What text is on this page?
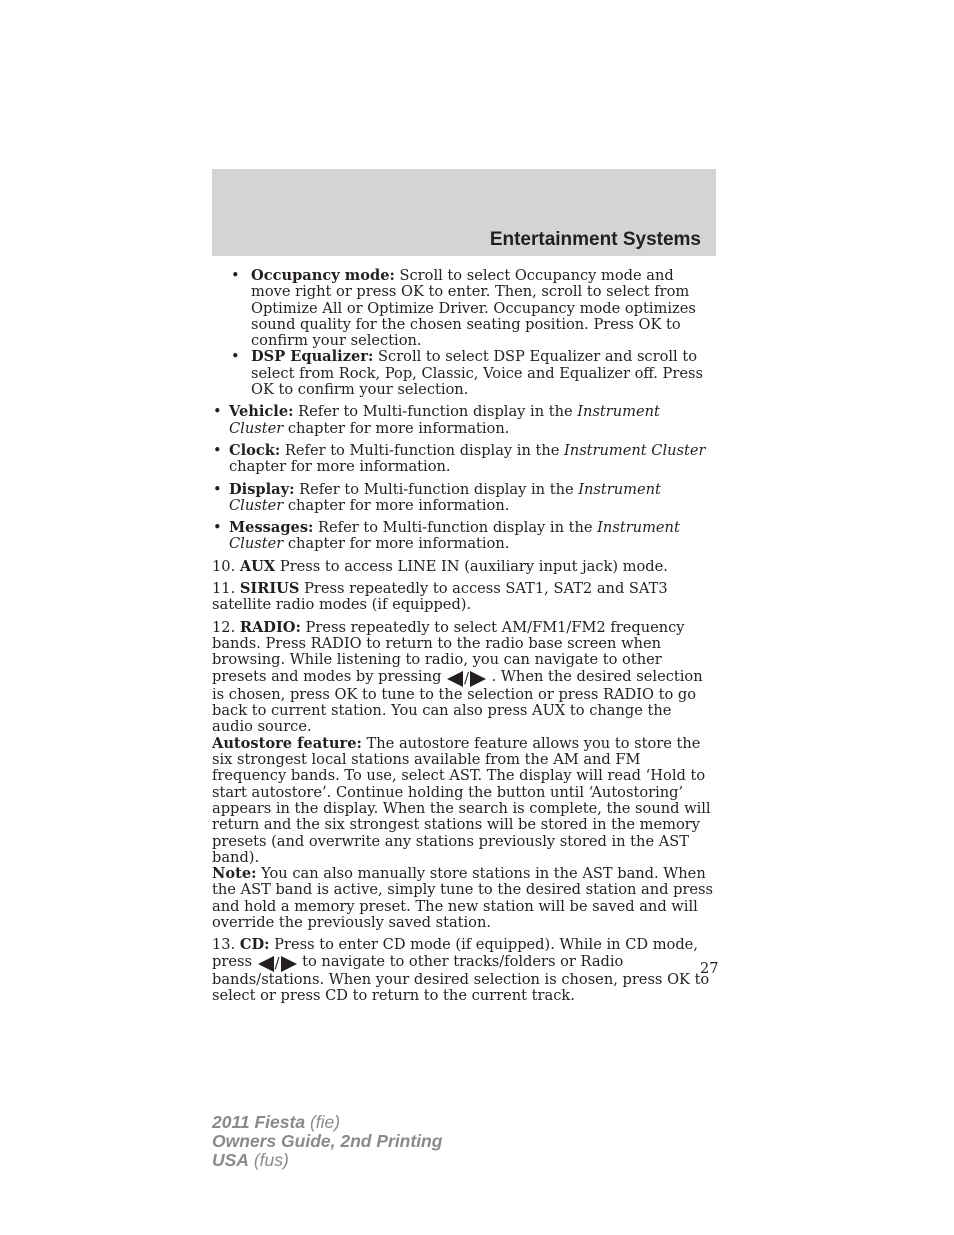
Entertainment Systems
• Occupancy mode: Scroll to select Occupancy mode and move right or press OK to enter. Then, scroll to select from Optimize All or Optimize Driver. Occupancy mode optimizes sound quality for the chosen seating position. Press OK to confirm your selection.
• DSP Equalizer: Scroll to select DSP Equalizer and scroll to select from Rock, Pop, Classic, Voice and Equalizer off. Press OK to confirm your selection.
• Vehicle: Refer to Multi-function display in the Instrument Cluster chapter for more information.
• Clock: Refer to Multi-function display in the Instrument Cluster chapter for more information.
• Display: Refer to Multi-function display in the Instrument Cluster chapter for more information.
• Messages: Refer to Multi-function display in the Instrument Cluster chapter for more information.
10. AUX Press to access LINE IN (auxiliary input jack) mode.
11. SIRIUS Press repeatedly to access SAT1, SAT2 and SAT3 satellite radio modes (if equipped).
12. RADIO: Press repeatedly to select AM/FM1/FM2 frequency bands. Press RADIO to return to the radio base screen when browsing. While listening to radio, you can navigate to other presets and modes by pressing / . When the desired selection is chosen, press OK to tune to the selection or press RADIO to go back to current station. You can also press AUX to change the audio source.
Autostore feature: The autostore feature allows you to store the six strongest local stations available from the AM and FM frequency bands. To use, select AST. The display will read ‘Hold to start autostore’. Continue holding the button until ‘Autostoring’ appears in the display. When the search is complete, the sound will return and the six strongest stations will be stored in the memory presets (and overwrite any stations previously stored in the AST band).
Note: You can also manually store stations in the AST band. When the AST band is active, simply tune to the desired station and press and hold a memory preset. The new station will be saved and will override the previously saved station.
13. CD: Press to enter CD mode (if equipped). While in CD mode, press / to navigate to other tracks/folders or Radio bands/stations. When your desired selection is chosen, press OK to select or press CD to return to the current track.
27
2011 Fiesta (fie)
Owners Guide, 2nd Printing
USA (fus)
